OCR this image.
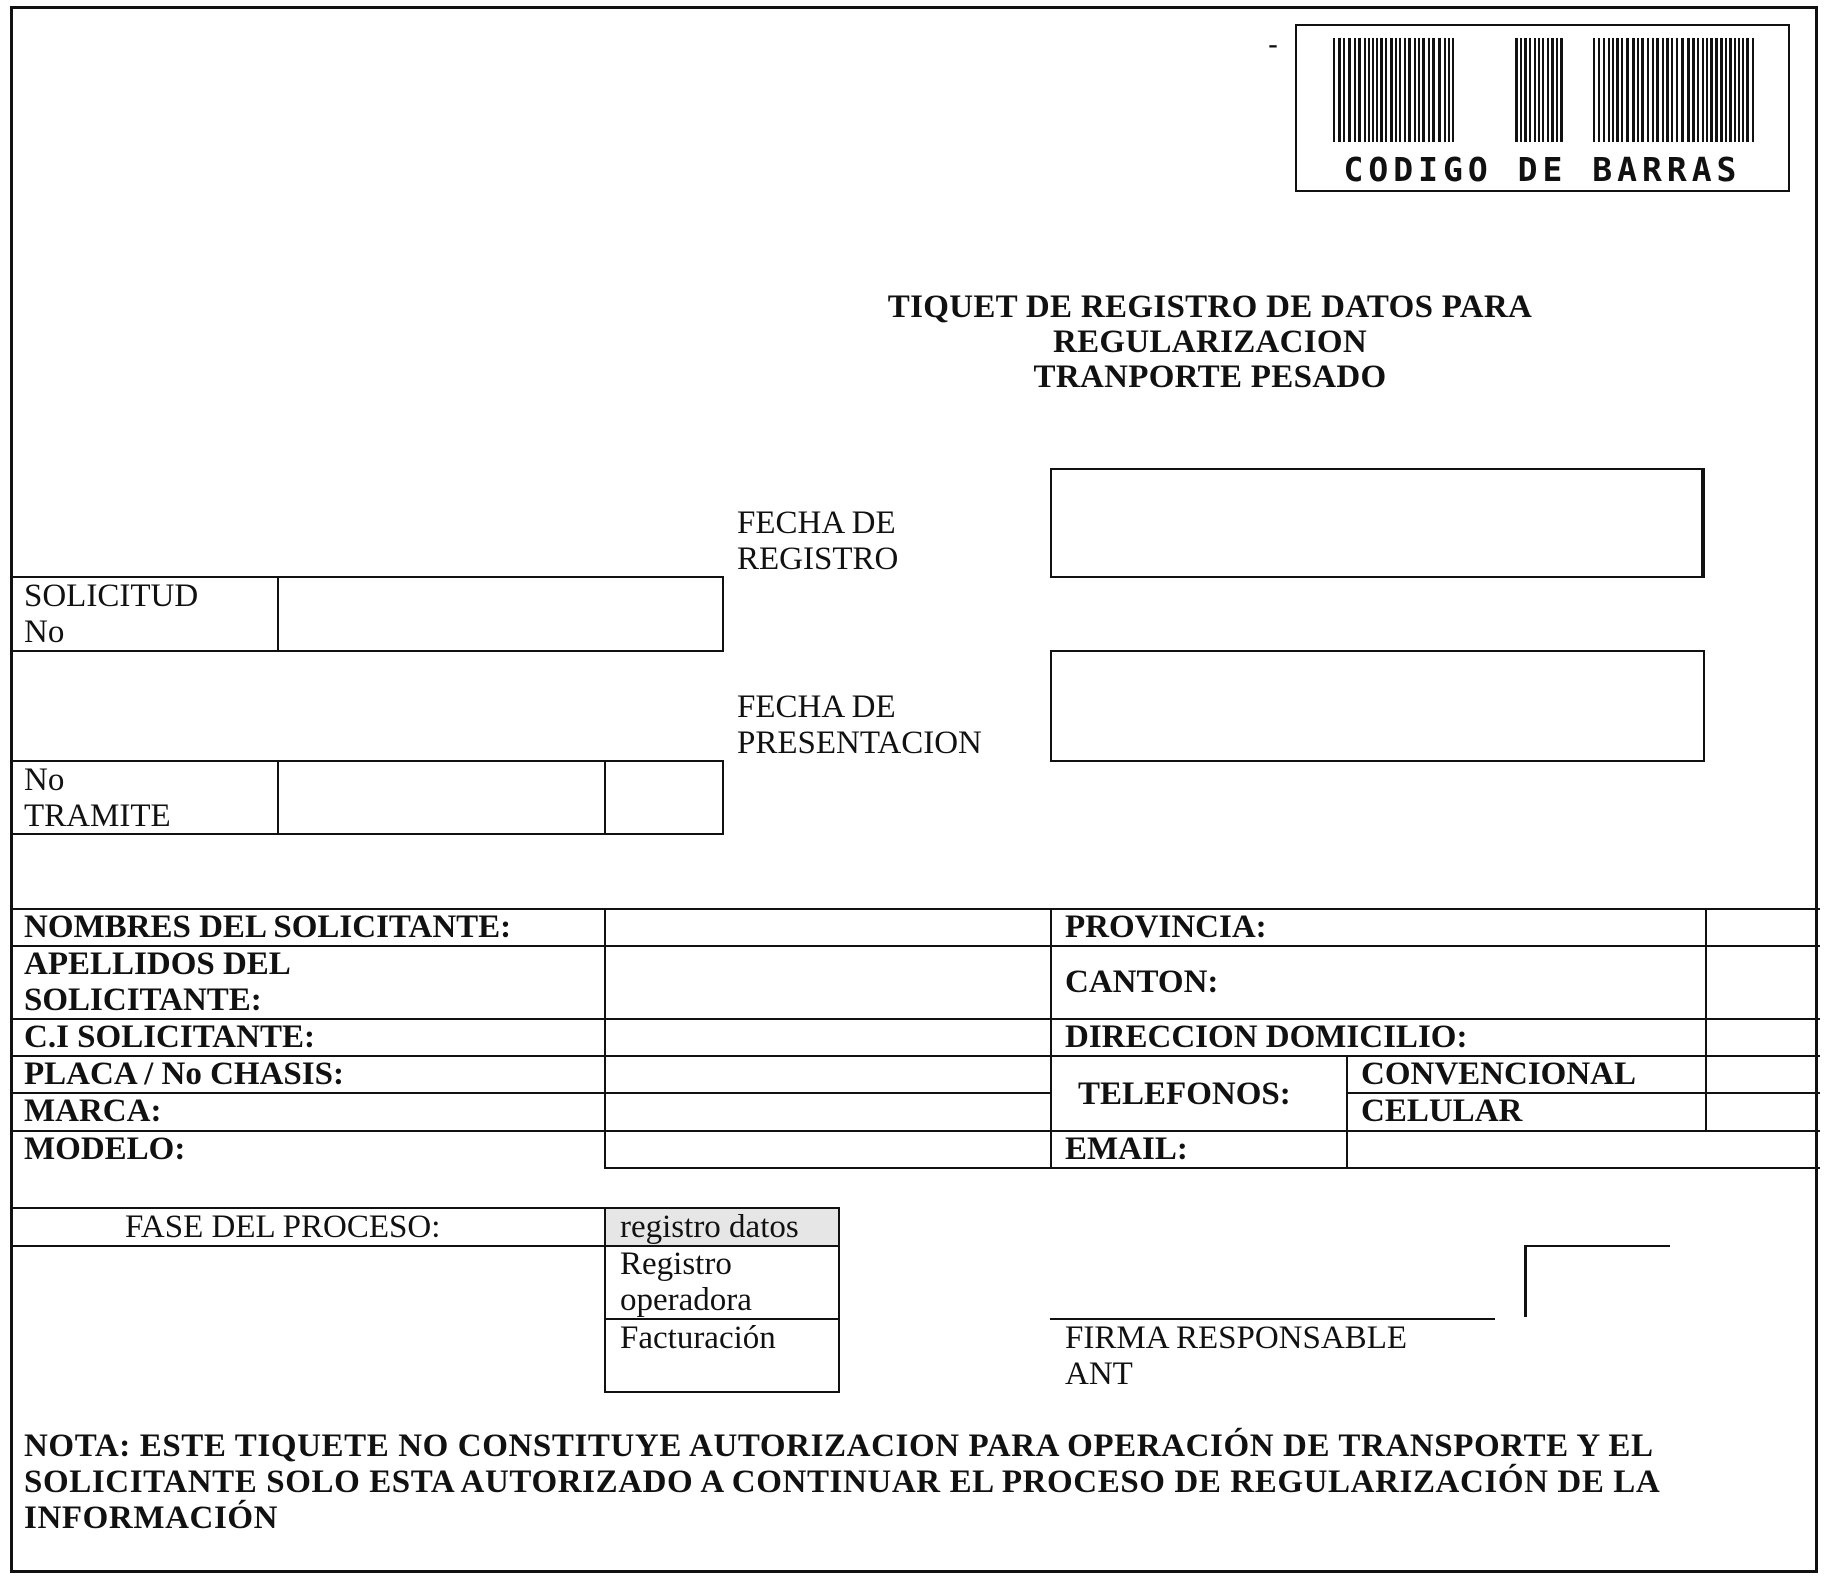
-
CODIGO DE BARRAS
TIQUET DE REGISTRO DE DATOS PARA
REGULARIZACION
TRANPORTE PESADO
FECHA DE
REGISTRO
SOLICITUD
No
FECHA DE
PRESENTACION
No
TRAMITE
NOMBRES DEL SOLICITANTE:
APELLIDOS DEL
SOLICITANTE:
C.I SOLICITANTE:
PLACA / No CHASIS:
MARCA:
MODELO:
PROVINCIA:
CANTON:
DIRECCION DOMICILIO:
TELEFONOS:
CONVENCIONAL
CELULAR
EMAIL:
FASE DEL PROCESO:	registro datos
Registro
operadora
Facturación	FIRMA RESPONSABLE
ANT
NOTA: ESTE TIQUETE NO CONSTITUYE AUTORIZACION PARA OPERACIÓN DE TRANSPORTE Y EL SOLICITANTE SOLO ESTA AUTORIZADO A CONTINUAR EL PROCESO DE REGULARIZACIÓN DE LA INFORMACIÓN
